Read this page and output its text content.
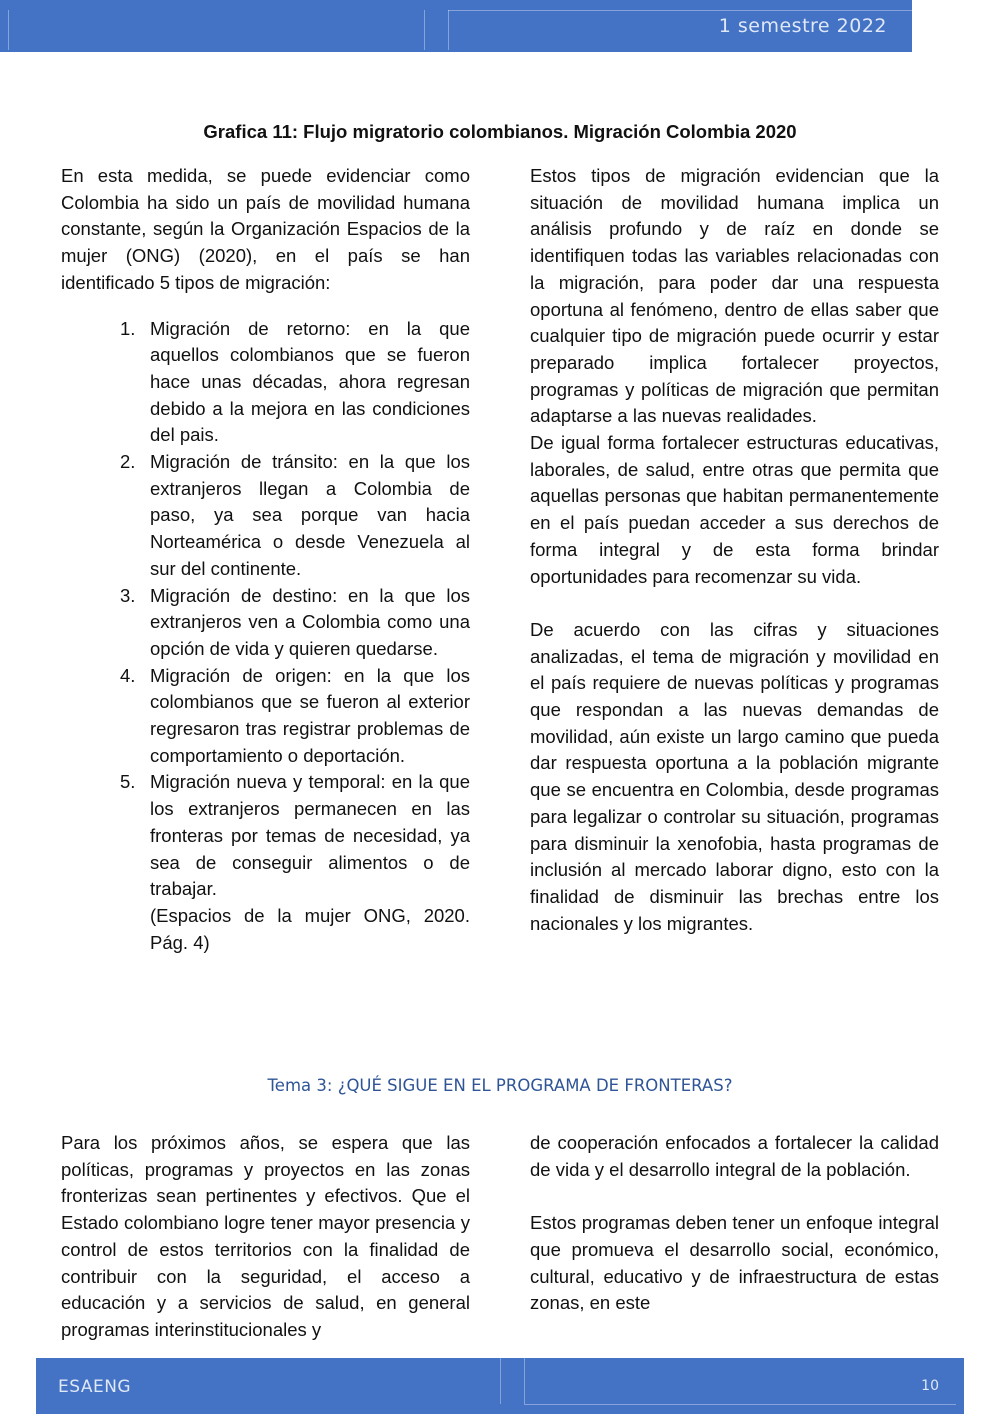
1 semestre 2022
Grafica 11: Flujo migratorio colombianos. Migración Colombia 2020

En esta medida, se puede evidenciar como Colombia ha sido un país de movilidad humana constante, según la Organización Espacios de la mujer (ONG) (2020), en el país se han identificado 5 tipos de migración:

1. Migración de retorno: en la que aquellos colombianos que se fueron hace unas décadas, ahora regresan debido a la mejora en las condiciones del pais.
2. Migración de tránsito: en la que los extranjeros llegan a Colombia de paso, ya sea porque van hacia Norteamérica o desde Venezuela al sur del continente.
3. Migración de destino: en la que los extranjeros ven a Colombia como una opción de vida y quieren quedarse.
4. Migración de origen: en la que los colombianos que se fueron al exterior regresaron tras registrar problemas de comportamiento o deportación.
5. Migración nueva y temporal: en la que los extranjeros permanecen en las fronteras por temas de necesidad, ya sea de conseguir alimentos o de trabajar.

(Espacios de la mujer ONG, 2020. Pág. 4)

Estos tipos de migración evidencian que la situación de movilidad humana implica un análisis profundo y de raíz en donde se identifiquen todas las variables relacionadas con la migración, para poder dar una respuesta oportuna al fenómeno, dentro de ellas saber que cualquier tipo de migración puede ocurrir y estar preparado implica fortalecer proyectos, programas y políticas de migración que permitan adaptarse a las nuevas realidades.

De igual forma fortalecer estructuras educativas, laborales, de salud, entre otras que permita que aquellas personas que habitan permanentemente en el país puedan acceder a sus derechos de forma integral y de esta forma brindar oportunidades para recomenzar su vida.

De acuerdo con las cifras y situaciones analizadas, el tema de migración y movilidad en el país requiere de nuevas políticas y programas que respondan a las nuevas demandas de movilidad, aún existe un largo camino que pueda dar respuesta oportuna a la población migrante que se encuentra en Colombia, desde programas para legalizar o controlar su situación, programas para disminuir la xenofobia, hasta programas de inclusión al mercado laborar digno, esto con la finalidad de disminuir las brechas entre los nacionales y los migrantes.

Tema 3: ¿QUÉ SIGUE EN EL PROGRAMA DE FRONTERAS?

Para los próximos años, se espera que las políticas, programas y proyectos en las zonas fronterizas sean pertinentes y efectivos. Que el Estado colombiano logre tener mayor presencia y control de estos territorios con la finalidad de contribuir con la seguridad, el acceso a educación y a servicios de salud, en general programas interinstitucionales y

de cooperación enfocados a fortalecer la calidad de vida y el desarrollo integral de la población.

Estos programas deben tener un enfoque integral que promueva el desarrollo social, económico, cultural, educativo y de infraestructura de estas zonas, en este

ESAENG	10
